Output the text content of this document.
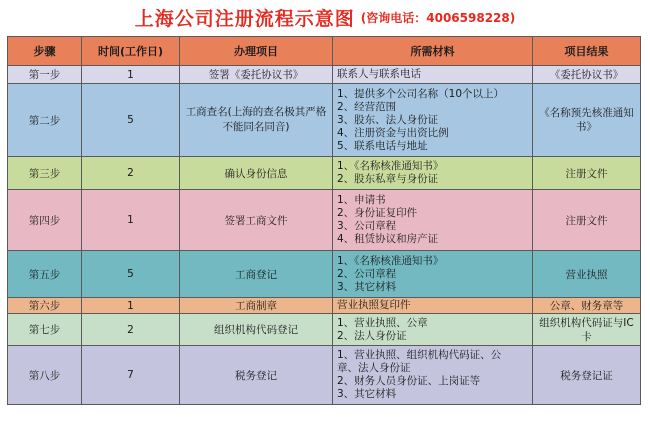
上海公司注册流程示意图 (咨询电话：4006598228)
步骤	时间(工作日)	办理项目	所需材料	项目结果
第一步	1	签署《委托协议书》	联系人与联系电话	《委托协议书》
第二步	5	工商查名(上海的查名极其严格不能同名同音)	1、提供多个公司名称（10个以上）
2、经营范围
3、股东、法人身份证
4、注册资金与出资比例
5、联系电话与地址	《名称预先核准通知书》
第三步	2	确认身份信息	1、《名称核准通知书》
2、股东私章与身份证	注册文件
第四步	1	签署工商文件	1、申请书
2、身份证复印件
3、公司章程
4、租赁协议和房产证	注册文件
第五步	5	工商登记	1、《名称核准通知书》
2、公司章程
3、其它材料	营业执照
第六步	1	工商制章	营业执照复印件	公章、财务章等
第七步	2	组织机构代码登记	1、营业执照、公章
2、法人身份证	组织机构代码证与IC卡
第八步	7	税务登记	1、营业执照、组织机构代码证、公
章、法人身份证
2、财务人员身份证、上岗证等
3、其它材料	税务登记证
